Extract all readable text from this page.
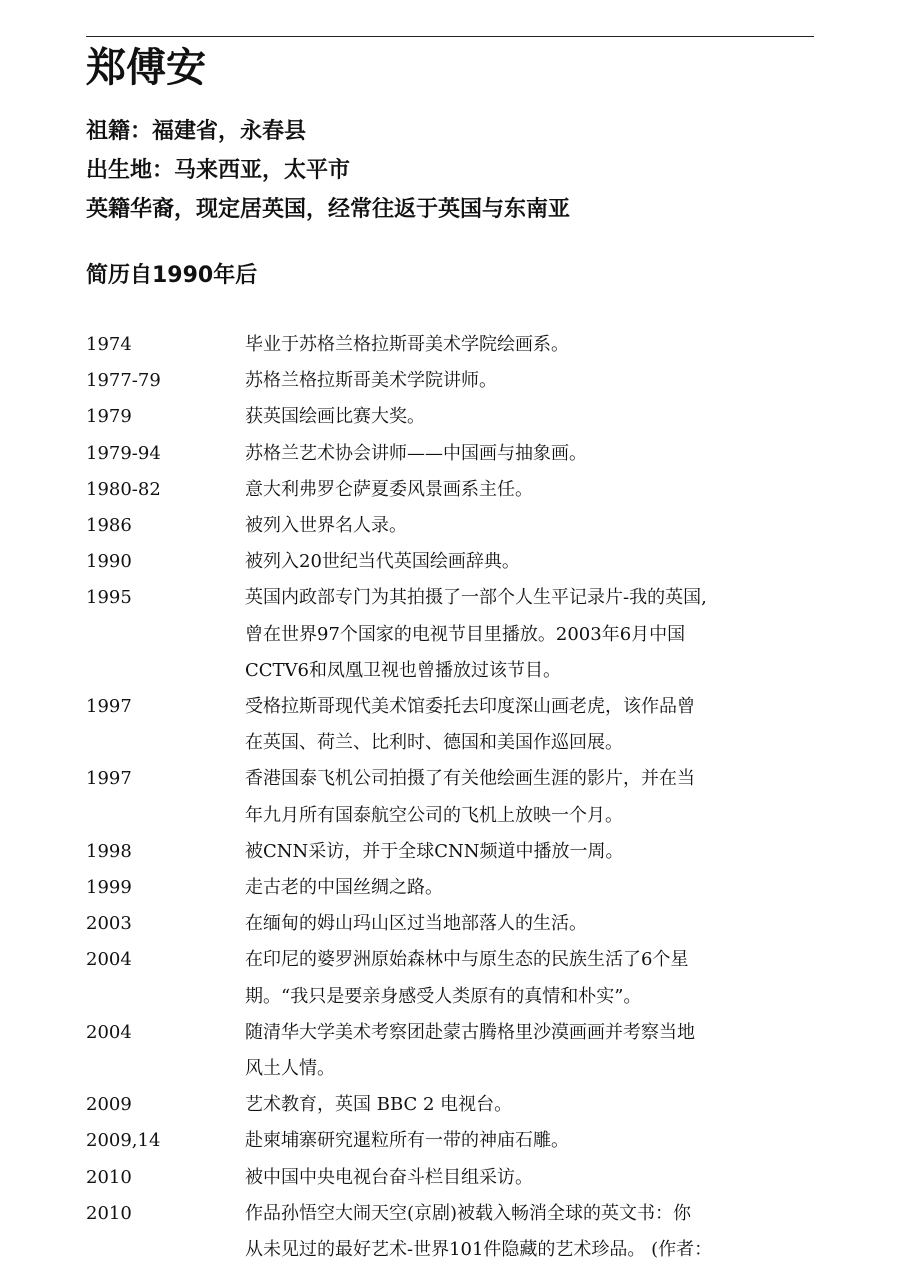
郑傅安
祖籍：福建省，永春县
出生地：马来西亚，太平市
英籍华裔，现定居英国，经常往返于英国与东南亚
简历自1990年后
1974	毕业于苏格兰格拉斯哥美术学院绘画系。
1977-79	苏格兰格拉斯哥美术学院讲师。
1979	获英国绘画比赛大奖。
1979-94	苏格兰艺术协会讲师——中国画与抽象画。
1980-82	意大利弗罗仑萨夏委风景画系主任。
1986	被列入世界名人录。
1990	被列入20世纪当代英国绘画辞典。
1995	英国内政部专门为其拍摄了一部个人生平记录片-我的英国,
曾在世界97个国家的电视节目里播放。2003年6月中国
CCTV6和凤凰卫视也曾播放过该节目。
1997	受格拉斯哥现代美术馆委托去印度深山画老虎，该作品曾
在英国、荷兰、比利时、德国和美国作巡回展。
1997	香港国泰飞机公司拍摄了有关他绘画生涯的影片，并在当
年九月所有国泰航空公司的飞机上放映一个月。
1998	被CNN采访，并于全球CNN频道中播放一周。
1999	走古老的中国丝绸之路。
2003	在缅甸的姆山玛山区过当地部落人的生活。
2004	在印尼的婆罗洲原始森林中与原生态的民族生活了6个星
期。“我只是要亲身感受人类原有的真情和朴实”。
2004	随清华大学美术考察团赴蒙古腾格里沙漠画画并考察当地
风土人情。
2009	艺术教育，英国 BBC 2 电视台。
2009,14	赴柬埔寨研究暹粒所有一带的神庙石雕。
2010	被中国中央电视台奋斗栏目组采访。
2010	作品孙悟空大闹天空(京剧)被载入畅消全球的英文书：你
从未见过的最好艺术-世界101件隐藏的艺术珍品。 (作者：
